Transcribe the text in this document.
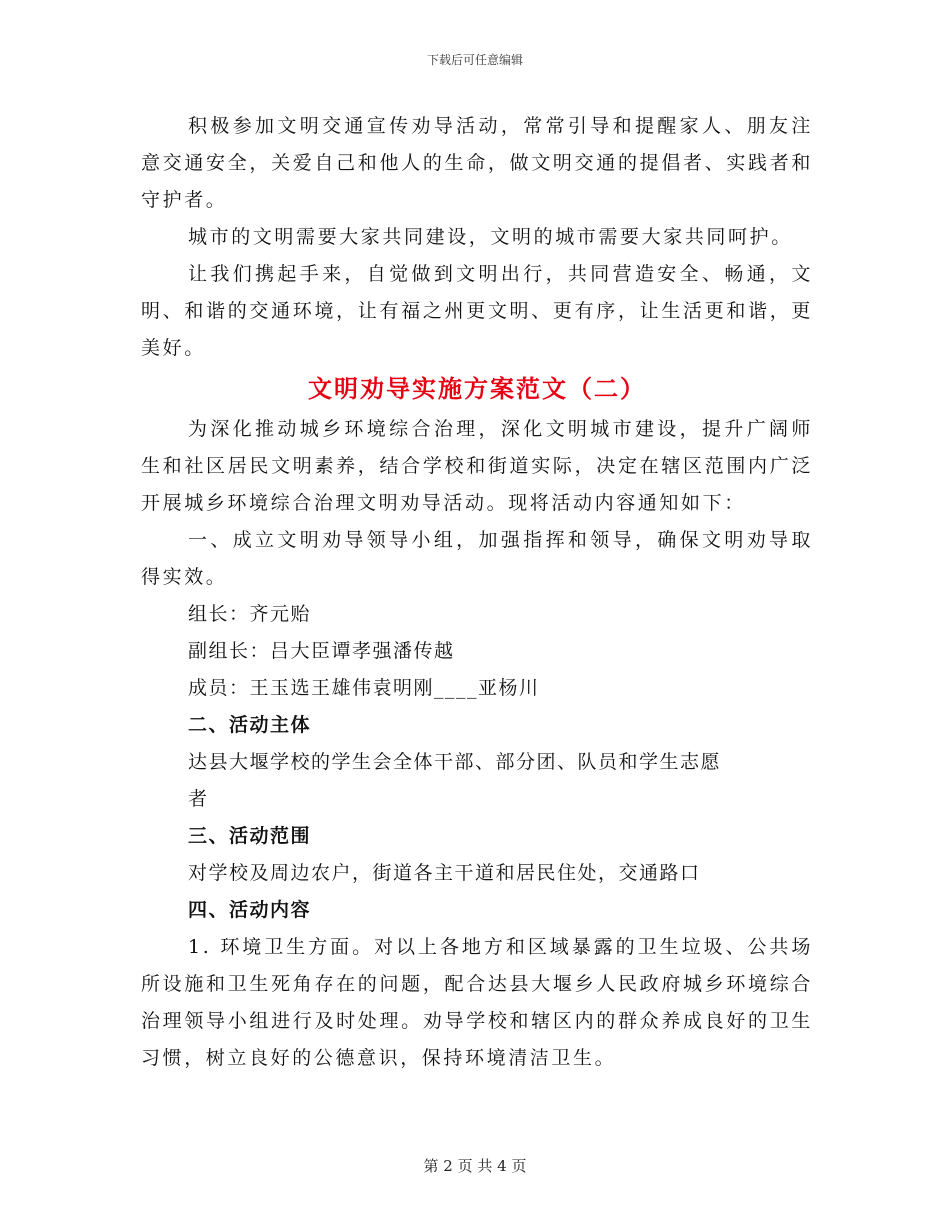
下载后可任意编辑

积极参加文明交通宣传劝导活动，常常引导和提醒家人、朋友注意交通安全，关爱自己和他人的生命，做文明交通的提倡者、实践者和守护者。

城市的文明需要大家共同建设，文明的城市需要大家共同呵护。

让我们携起手来，自觉做到文明出行，共同营造安全、畅通，文明、和谐的交通环境，让有福之州更文明、更有序，让生活更和谐，更美好。

文明劝导实施方案范文（二）

为深化推动城乡环境综合治理，深化文明城市建设，提升广阔师生和社区居民文明素养，结合学校和街道实际，决定在辖区范围内广泛开展城乡环境综合治理文明劝导活动。现将活动内容通知如下：

一、成立文明劝导领导小组，加强指挥和领导，确保文明劝导取得实效。

组长：齐元贻

副组长：吕大臣谭孝强潘传越

成员：王玉选王雄伟袁明刚____亚杨川

二、活动主体

达县大堰学校的学生会全体干部、部分团、队员和学生志愿

者

三、活动范围

对学校及周边农户，街道各主干道和居民住处，交通路口

四、活动内容

1. 环境卫生方面。对以上各地方和区域暴露的卫生垃圾、公共场所设施和卫生死角存在的问题，配合达县大堰乡人民政府城乡环境综合治理领导小组进行及时处理。劝导学校和辖区内的群众养成良好的卫生习惯，树立良好的公德意识，保持环境清洁卫生。

第 2 页 共 4 页
